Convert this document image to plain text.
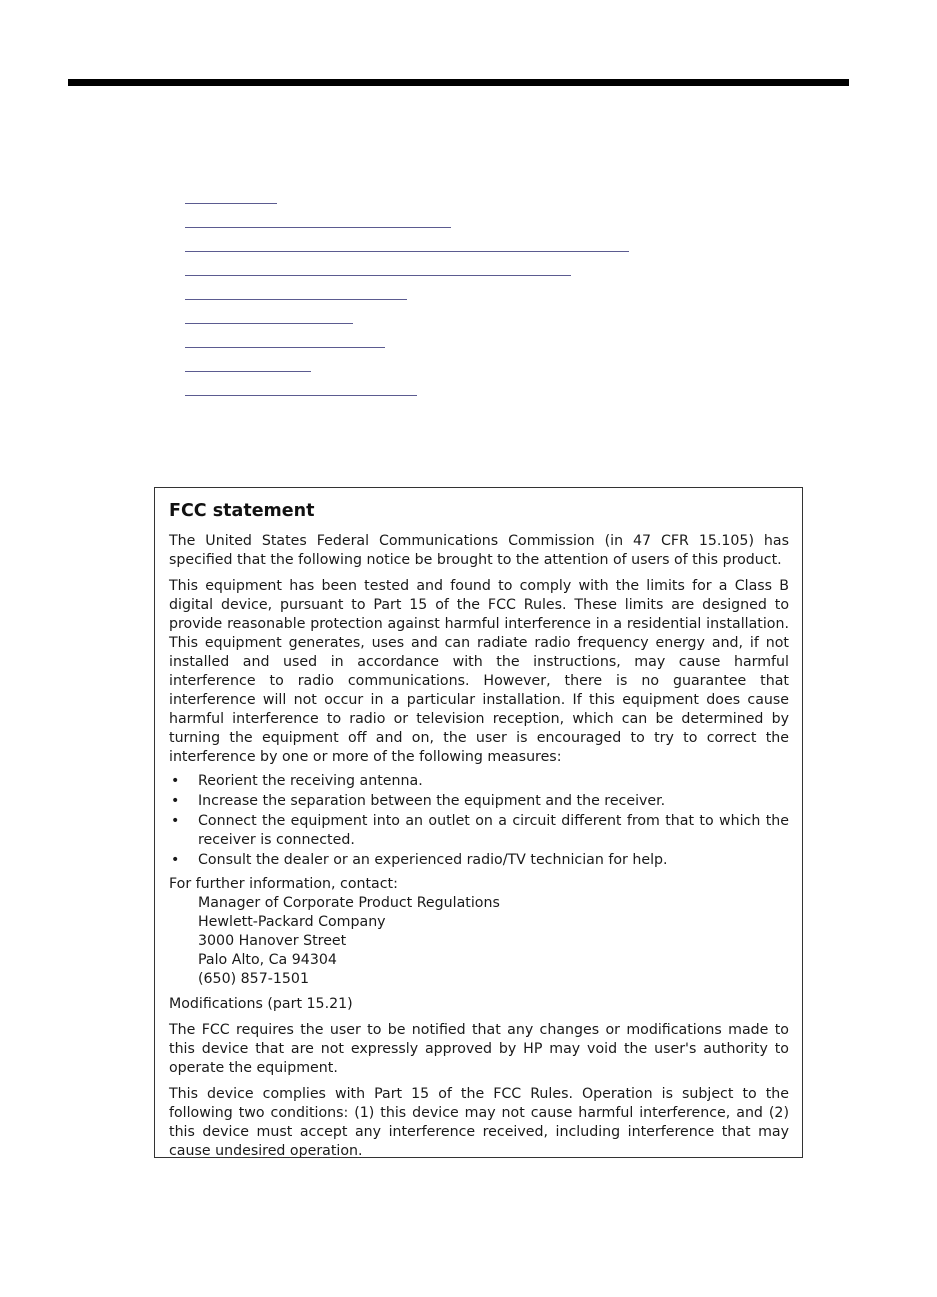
FCC statement

The United States Federal Communications Commission (in 47 CFR 15.105) has specified that the following notice be brought to the attention of users of this product.

This equipment has been tested and found to comply with the limits for a Class B digital device, pursuant to Part 15 of the FCC Rules. These limits are designed to provide reasonable protection against harmful interference in a residential installation. This equipment generates, uses and can radiate radio frequency energy and, if not installed and used in accordance with the instructions, may cause harmful interference to radio communications. However, there is no guarantee that interference will not occur in a particular installation. If this equipment does cause harmful interference to radio or television reception, which can be determined by turning the equipment off and on, the user is encouraged to try to correct the interference by one or more of the following measures:

• Reorient the receiving antenna.
• Increase the separation between the equipment and the receiver.
• Connect the equipment into an outlet on a circuit different from that to which the receiver is connected.
• Consult the dealer or an experienced radio/TV technician for help.
For further information, contact:
Manager of Corporate Product Regulations
Hewlett-Packard Company
3000 Hanover Street
Palo Alto, Ca 94304
(650) 857-1501

Modifications (part 15.21)

The FCC requires the user to be notified that any changes or modifications made to this device that are not expressly approved by HP may void the user's authority to operate the equipment.

This device complies with Part 15 of the FCC Rules. Operation is subject to the following two conditions: (1) this device may not cause harmful interference, and (2) this device must accept any interference received, including interference that may cause undesired operation.
